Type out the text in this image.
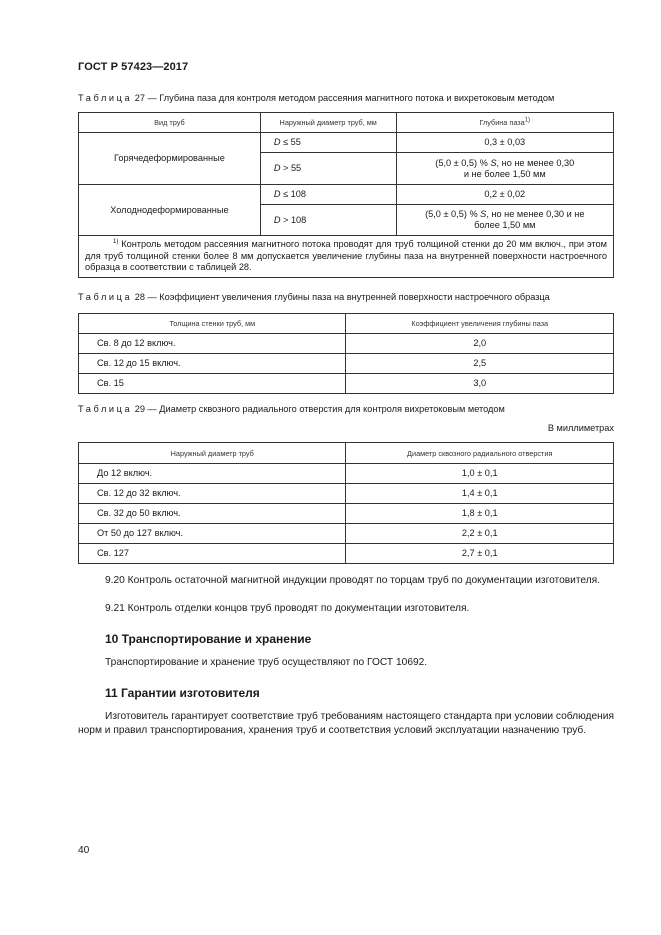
ГОСТ Р 57423—2017
Таблица 27 — Глубина паза для контроля методом рассеяния магнитного потока и вихретоковым методом
Вид труб	Наружный диаметр труб, мм	Глубина паза$^{1)}$
Горячедеформированные	D ≤ 55	0,3 ± 0,03
	D > 55	(5,0 ± 0,5) % S, но не менее 0,30
и не более 1,50 мм
Холоднодеформированные	D ≤ 108	0,2 ± 0,02
	D > 108	(5,0 ± 0,5) % S, но не менее 0,30 и не
более 1,50 мм
$^{1)}$ Контроль методом рассеяния магнитного потока проводят для труб толщиной стенки до 20 мм включ., при этом для труб толщиной стенки более 8 мм допускается увеличение глубины паза на внутренней поверхности настроечного образца в соответствии с таблицей 28.		
Таблица 28 — Коэффициент увеличения глубины паза на внутренней поверхности настроечного образца
Толщина стенки труб, мм	Коэффициент увеличения глубины паза
Св. 8 до 12 включ.	2,0
Св. 12 до 15 включ.	2,5
Св. 15	3,0
Таблица 29 — Диаметр сквозного радиального отверстия для контроля вихретоковым методом
В миллиметрах
Наружный диаметр труб	Диаметр сквозного радиального отверстия
До 12 включ.	1,0 ± 0,1
Св. 12 до 32 включ.	1,4 ± 0,1
Св. 32 до 50 включ.	1,8 ± 0,1
От 50 до 127 включ.	2,2 ± 0,1
Св. 127	2,7 ± 0,1
9.20 Контроль остаточной магнитной индукции проводят по торцам труб по документации изготовителя.
9.21 Контроль отделки концов труб проводят по документации изготовителя.
10 Транспортирование и хранение
Транспортирование и хранение труб осуществляют по ГОСТ 10692.
11 Гарантии изготовителя
Изготовитель гарантирует соответствие труб требованиям настоящего стандарта при условии соблюдения норм и правил транспортирования, хранения труб и соответствия условий эксплуатации назначению труб.
40
